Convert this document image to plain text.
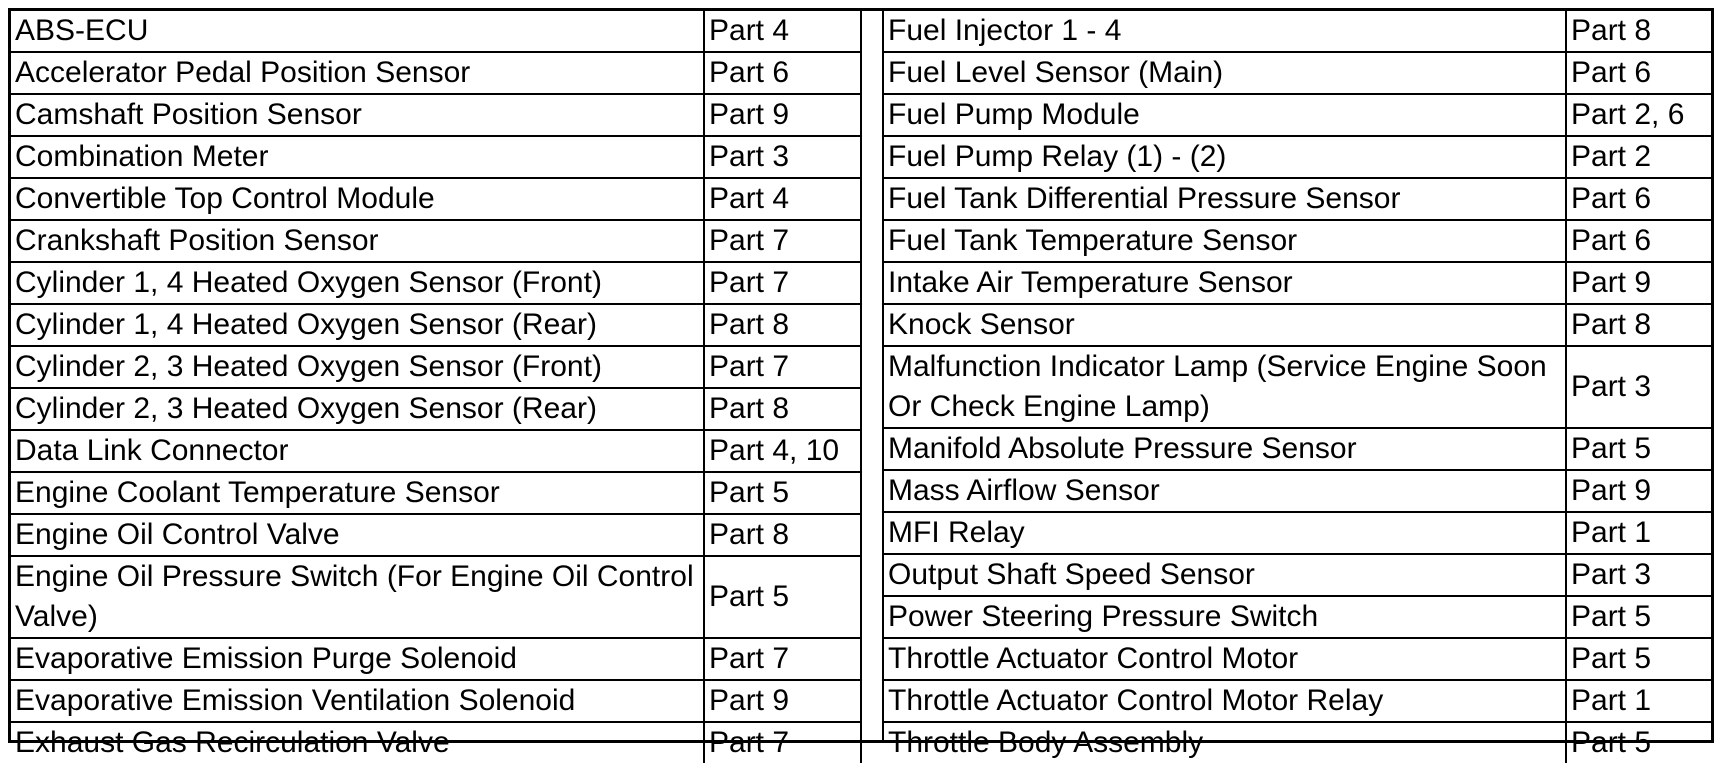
ABS-ECU	Part 4
Accelerator Pedal Position Sensor	Part 6
Camshaft Position Sensor	Part 9
Combination Meter	Part 3
Convertible Top Control Module	Part 4
Crankshaft Position Sensor	Part 7
Cylinder 1, 4 Heated Oxygen Sensor (Front)	Part 7
Cylinder 1, 4 Heated Oxygen Sensor (Rear)	Part 8
Cylinder 2, 3 Heated Oxygen Sensor (Front)	Part 7
Cylinder 2, 3 Heated Oxygen Sensor (Rear)	Part 8
Data Link Connector	Part 4, 10
Engine Coolant Temperature Sensor	Part 5
Engine Oil Control Valve	Part 8
Engine Oil Pressure Switch (For Engine Oil Control Valve)	Part 5
Evaporative Emission Purge Solenoid	Part 7
Evaporative Emission Ventilation Solenoid	Part 9
Exhaust Gas Recirculation Valve	Part 7
Fuel Injector 1 - 4	Part 8
Fuel Level Sensor (Main)	Part 6
Fuel Pump Module	Part 2, 6
Fuel Pump Relay (1) - (2)	Part 2
Fuel Tank Differential Pressure Sensor	Part 6
Fuel Tank Temperature Sensor	Part 6
Intake Air Temperature Sensor	Part 9
Knock Sensor	Part 8
Malfunction Indicator Lamp (Service Engine Soon Or Check Engine Lamp)	Part 3
Manifold Absolute Pressure Sensor	Part 5
Mass Airflow Sensor	Part 9
MFI Relay	Part 1
Output Shaft Speed Sensor	Part 3
Power Steering Pressure Switch	Part 5
Throttle Actuator Control Motor	Part 5
Throttle Actuator Control Motor Relay	Part 1
Throttle Body Assembly	Part 5
